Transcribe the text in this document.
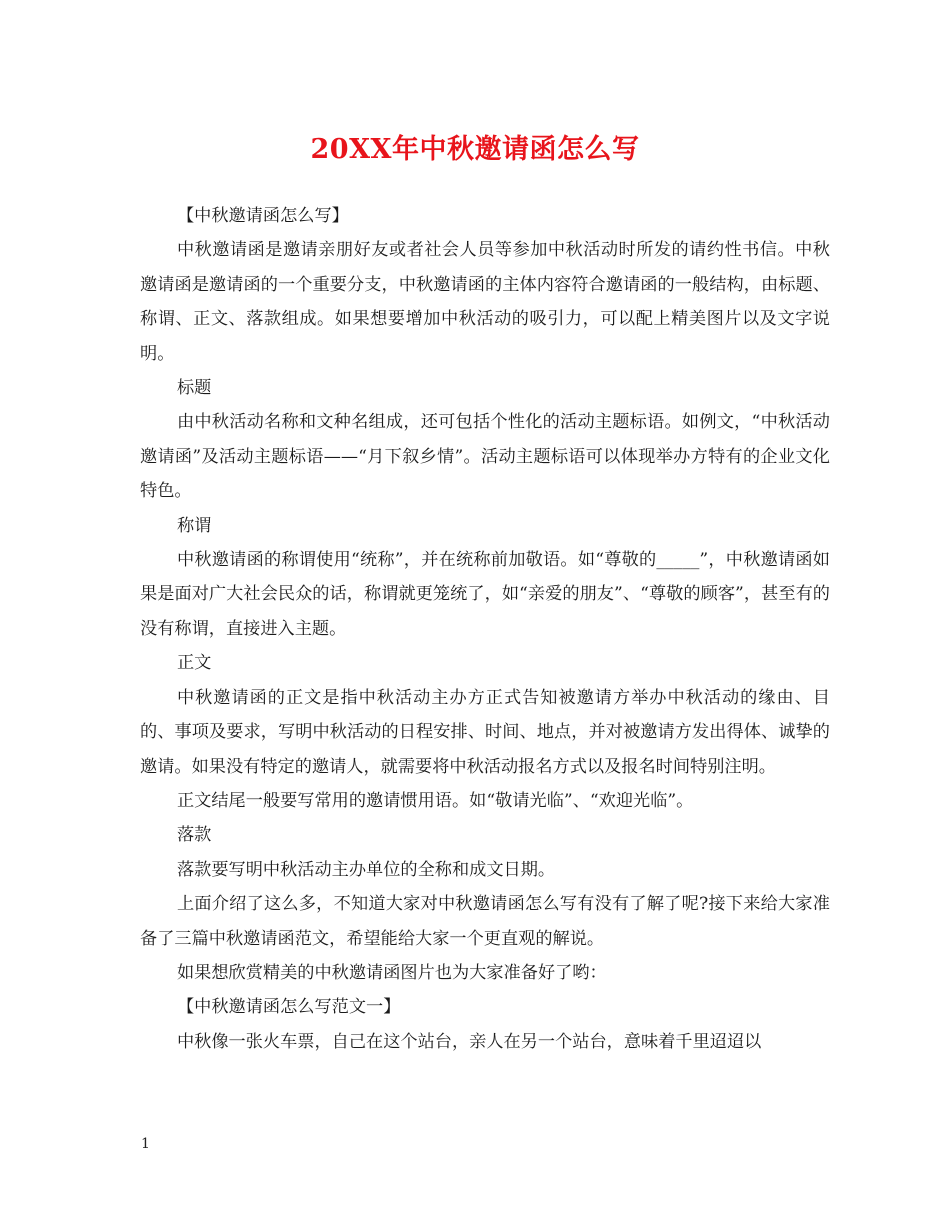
20XX年中秋邀请函怎么写

【中秋邀请函怎么写】

中秋邀请函是邀请亲朋好友或者社会人员等参加中秋活动时所发的请约性书信。中秋邀请函是邀请函的一个重要分支，中秋邀请函的主体内容符合邀请函的一般结构，由标题、称谓、正文、落款组成。如果想要增加中秋活动的吸引力，可以配上精美图片以及文字说明。

标题

由中秋活动名称和文种名组成，还可包括个性化的活动主题标语。如例文，“中秋活动邀请函”及活动主题标语——“月下叙乡情”。活动主题标语可以体现举办方特有的企业文化特色。

称谓

中秋邀请函的称谓使用“统称”，并在统称前加敬语。如“尊敬的_____”，中秋邀请函如果是面对广大社会民众的话，称谓就更笼统了，如“亲爱的朋友”、“尊敬的顾客”，甚至有的没有称谓，直接进入主题。

正文

中秋邀请函的正文是指中秋活动主办方正式告知被邀请方举办中秋活动的缘由、目的、事项及要求，写明中秋活动的日程安排、时间、地点，并对被邀请方发出得体、诚挚的邀请。如果没有特定的邀请人，就需要将中秋活动报名方式以及报名时间特别注明。

正文结尾一般要写常用的邀请惯用语。如“敬请光临”、“欢迎光临”。

落款

落款要写明中秋活动主办单位的全称和成文日期。

上面介绍了这么多，不知道大家对中秋邀请函怎么写有没有了解了呢?接下来给大家准备了三篇中秋邀请函范文，希望能给大家一个更直观的解说。

如果想欣赏精美的中秋邀请函图片也为大家准备好了哟：

【中秋邀请函怎么写范文一】

中秋像一张火车票，自己在这个站台，亲人在另一个站台，意味着千里迢迢以

1
